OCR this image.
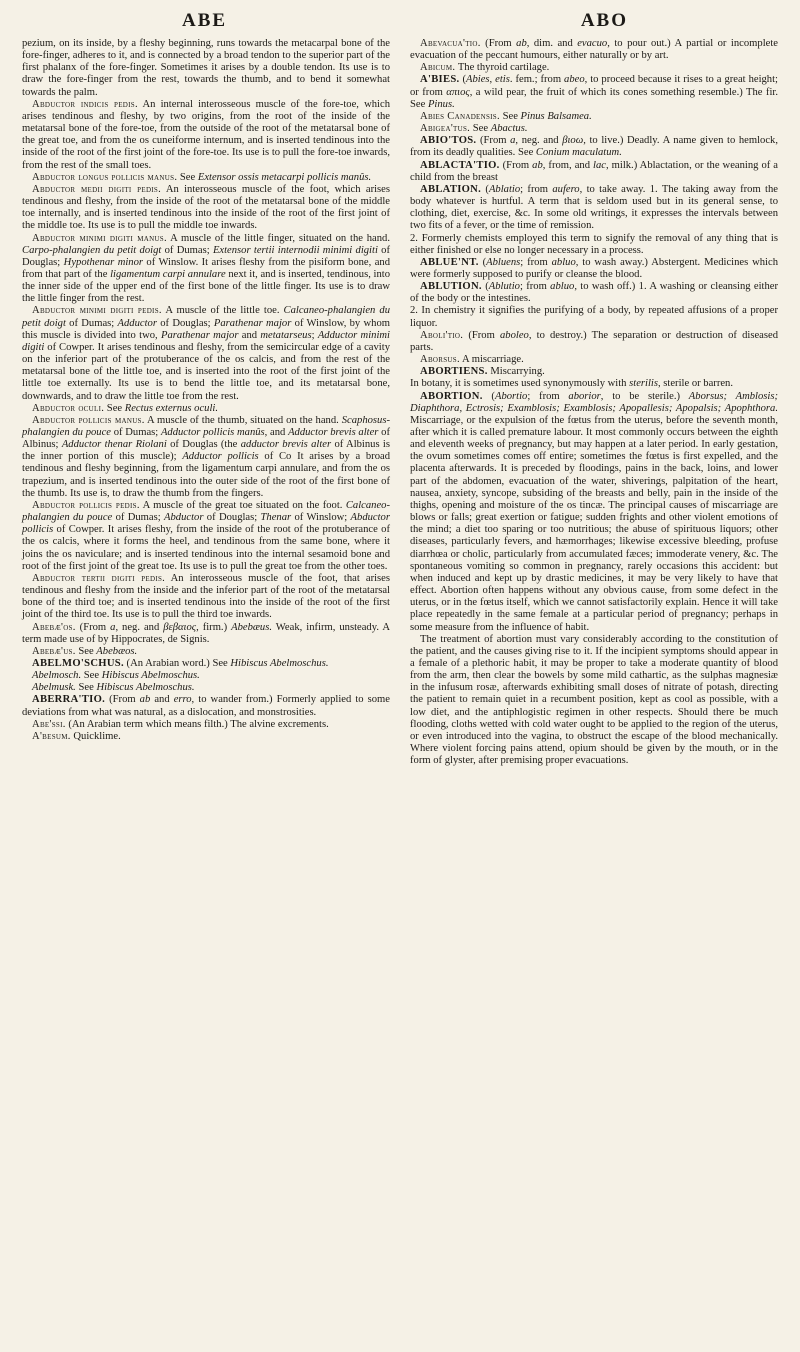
ABE	ABO

pezium, on its inside, by a fleshy beginning, runs towards the metacarpal bone of the fore-finger, adheres to it, and is connected by a broad tendon to the superior part of the first phalanx of the fore-finger. Sometimes it arises by a double tendon. Its use is to draw the fore-finger from the rest, towards the thumb, and to bend it somewhat towards the palm.

Abductor indicis pedis. An internal interosseous muscle of the fore-toe, which arises tendinous and fleshy, by two origins, from the root of the inside of the metatarsal bone of the fore-toe, from the outside of the root of the metatarsal bone of the great toe, and from the os cuneiforme internum, and is inserted tendinous into the inside of the root of the first joint of the fore-toe. Its use is to pull the fore-toe inwards, from the rest of the small toes.

Abductor longus pollicis manus. See Extensor ossis metacarpi pollicis manûs.

Abductor medii digiti pedis. An interosseous muscle of the foot, which arises tendinous and fleshy, from the inside of the root of the metatarsal bone of the middle toe internally, and is inserted tendinous into the inside of the root of the first joint of the middle toe. Its use is to pull the middle toe inwards.

Abductor minimi digiti manus. A muscle of the little finger, situated on the hand. Carpo-phalangien du petit doigt of Dumas; Extensor tertii internodii minimi digiti of Douglas; Hypothenar minor of Winslow. It arises fleshy from the pisiform bone, and from that part of the ligamentum carpi annulare next it, and is inserted, tendinous, into the inner side of the upper end of the first bone of the little finger. Its use is to draw the little finger from the rest.

Abductor minimi digiti pedis. A muscle of the little toe. Calcaneo-phalangien du petit doigt of Dumas; Adductor of Douglas; Parathenar major of Winslow, by whom this muscle is divided into two, Parathenar major and metatarseus; Adductor minimi digiti of Cowper. It arises tendinous and fleshy, from the semicircular edge of a cavity on the inferior part of the protuberance of the os calcis, and from the rest of the metatarsal bone of the little toe, and is inserted into the root of the first joint of the little toe externally. Its use is to bend the little toe, and its metatarsal bone, downwards, and to draw the little toe from the rest.

Abductor oculi. See Rectus externus oculi.

Abductor pollicis manus. A muscle of the thumb, situated on the hand. Scaphosus-phalangien du pouce of Dumas; Adductor pollicis manûs, and Adductor brevis alter of Albinus; Adductor thenar Riolani of Douglas (the adductor brevis alter of Albinus is the inner portion of this muscle); Adductor pollicis of Co It arises by a broad tendinous and fleshy beginning, from the ligamentum carpi annulare, and from the os trapezium, and is inserted tendinous into the outer side of the root of the first bone of the thumb. Its use is, to draw the thumb from the fingers.

Abductor pollicis pedis. A muscle of the great toe situated on the foot. Calcaneo-phalangien du pouce of Dumas; Abductor of Douglas; Thenar of Winslow; Abductor pollicis of Cowper. It arises fleshy, from the inside of the root of the protuberance of the os calcis, where it forms the heel, and tendinous from the same bone, where it joins the os naviculare; and is inserted tendinous into the internal sesamoid bone and root of the first joint of the great toe. Its use is to pull the great toe from the other toes.

Abductor tertii digiti pedis. An interosseous muscle of the foot, that arises tendinous and fleshy from the inside and the inferior part of the root of the metatarsal bone of the third toe; and is inserted tendinous into the inside of the root of the first joint of the third toe. Its use is to pull the third toe inwards.

Abebæ'os. (From a, neg. and βεβαιος, firm.) Abebæus. Weak, infirm, unsteady. A term made use of by Hippocrates, de Signis.

Abebæ'us. See Abebæos.

ABELMO'SCHUS. (An Arabian word.) See Hibiscus Abelmoschus.

Abelmosch. See Hibiscus Abelmoschus.

Abelmusk. See Hibiscus Abelmoschus.

ABERRA'TIO. (From ab and erro, to wander from.) Formerly applied to some deviations from what was natural, as a dislocation, and monstrosities.

Abe'ssi. (An Arabian term which means filth.) The alvine excrements.

A'besum. Quicklime.

Abevacua'tio. (From ab, dim. and evacuo, to pour out.) A partial or incomplete evacuation of the peccant humours, either naturally or by art.

Abicum. The thyroid cartilage.

A'BIES. (Abies, etis. fem.; from abeo, to proceed because it rises to a great height; or from απιος, a wild pear, the fruit of which its cones something resemble.) The fir. See Pinus.

Abies Canadensis. See Pinus Balsamea.

Abigea'tus. See Abactus.

ABIO'TOS. (From a, neg. and βιοω, to live.) Deadly. A name given to hemlock, from its deadly qualities. See Conium maculatum.

ABLACTA'TIO. (From ab, from, and lac, milk.) Ablactation, or the weaning of a child from the breast

ABLATION. (Ablatio; from aufero, to take away. 1. The taking away from the body whatever is hurtful. A term that is seldom used but in its general sense, to clothing, diet, exercise, &c. In some old writings, it expresses the intervals between two fits of a fever, or the time of remission.

2. Formerly chemists employed this term to signify the removal of any thing that is either finished or else no longer necessary in a process.

ABLUE'NT. (Abluens; from abluo, to wash away.) Abstergent. Medicines which were formerly supposed to purify or cleanse the blood.

ABLUTION. (Ablutio; from abluo, to wash off.) 1. A washing or cleansing either of the body or the intestines.

2. In chemistry it signifies the purifying of a body, by repeated affusions of a proper liquor.

Aboli'tio. (From aboleo, to destroy.) The separation or destruction of diseased parts.

Aborsus. A miscarriage.

ABORTIENS. Miscarrying.

In botany, it is sometimes used synonymously with sterilis, sterile or barren.

ABORTION. (Abortio; from aborior, to be sterile.) Aborsus; Amblosis; Diaphthora, Ectrosis; Examblosis; Examblosis; Apopallesis; Apopalsis; Apophthora. Miscarriage, or the expulsion of the fœtus from the uterus, before the seventh month, after which it is called premature labour. It most commonly occurs between the eighth and eleventh weeks of pregnancy, but may happen at a later period. In early gestation, the ovum sometimes comes off entire; sometimes the fœtus is first expelled, and the placenta afterwards. It is preceded by floodings, pains in the back, loins, and lower part of the abdomen, evacuation of the water, shiverings, palpitation of the heart, nausea, anxiety, syncope, subsiding of the breasts and belly, pain in the inside of the thighs, opening and moisture of the os tincæ. The principal causes of miscarriage are blows or falls; great exertion or fatigue; sudden frights and other violent emotions of the mind; a diet too sparing or too nutritious; the abuse of spirituous liquors; other diseases, particularly fevers, and hæmorrhages; likewise excessive bleeding, profuse diarrhœa or cholic, particularly from accumulated fæces; immoderate venery, &c. The spontaneous vomiting so common in pregnancy, rarely occasions this accident: but when induced and kept up by drastic medicines, it may be very likely to have that effect. Abortion often happens without any obvious cause, from some defect in the uterus, or in the fœtus itself, which we cannot satisfactorily explain. Hence it will take place repeatedly in the same female at a particular period of pregnancy; perhaps in some measure from the influence of habit.

The treatment of abortion must vary considerably according to the constitution of the patient, and the causes giving rise to it. If the incipient symptoms should appear in a female of a plethoric habit, it may be proper to take a moderate quantity of blood from the arm, then clear the bowels by some mild cathartic, as the sulphas magnesiæ in the infusum rosæ, afterwards exhibiting small doses of nitrate of potash, directing the patient to remain quiet in a recumbent position, kept as cool as possible, with a low diet, and the antiphlogistic regimen in other respects. Should there be much flooding, cloths wetted with cold water ought to be applied to the region of the uterus, or even introduced into the vagina, to obstruct the escape of the blood mechanically. Where violent forcing pains attend, opium should be given by the mouth, or in the form of glyster, after premising proper evacuations.
